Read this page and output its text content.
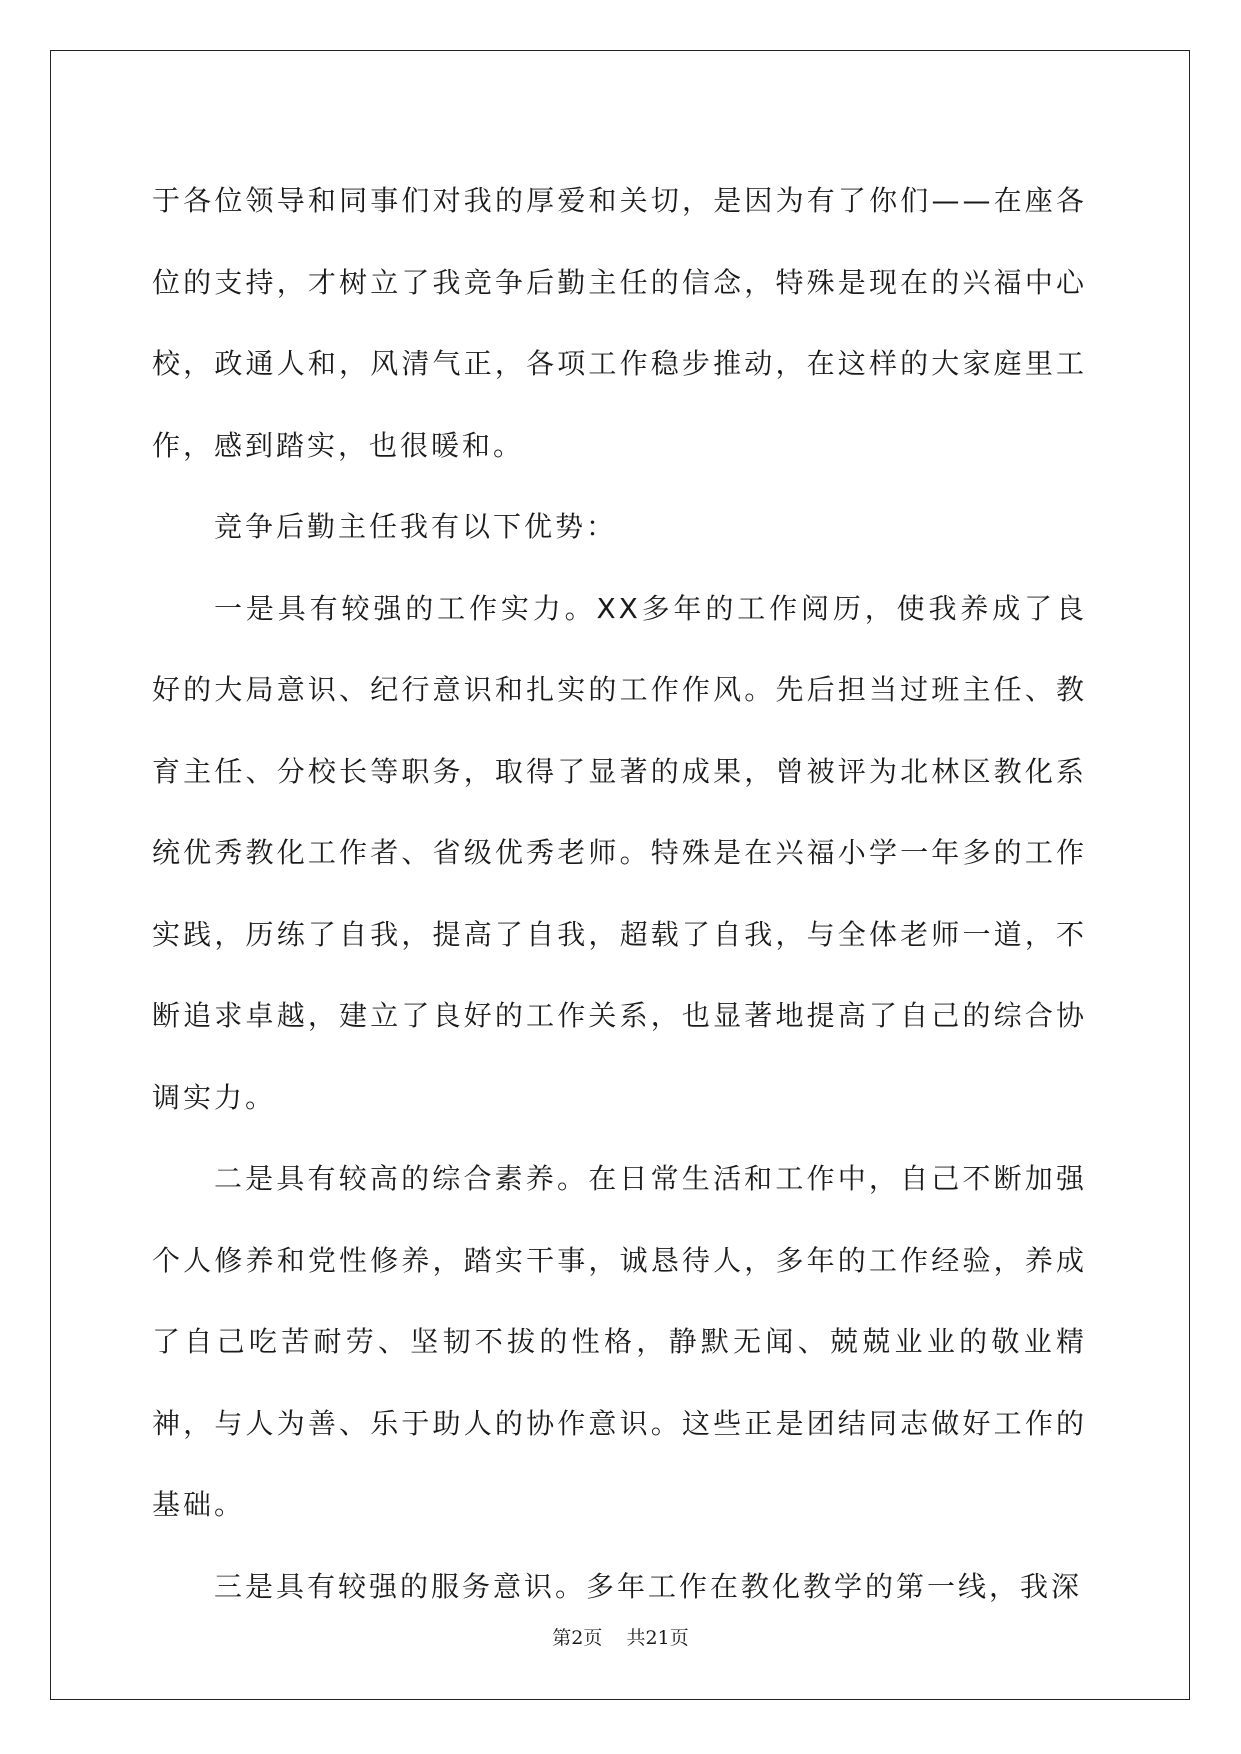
于各位领导和同事们对我的厚爱和关切，是因为有了你们——在座各位的支持，才树立了我竞争后勤主任的信念，特殊是现在的兴福中心校，政通人和，风清气正，各项工作稳步推动，在这样的大家庭里工作，感到踏实，也很暖和。

竞争后勤主任我有以下优势：

一是具有较强的工作实力。XX多年的工作阅历，使我养成了良好的大局意识、纪行意识和扎实的工作作风。先后担当过班主任、教育主任、分校长等职务，取得了显著的成果，曾被评为北林区教化系统优秀教化工作者、省级优秀老师。特殊是在兴福小学一年多的工作实践，历练了自我，提高了自我，超载了自我，与全体老师一道，不断追求卓越，建立了良好的工作关系，也显著地提高了自己的综合协调实力。

二是具有较高的综合素养。在日常生活和工作中，自己不断加强个人修养和党性修养，踏实干事，诚恳待人，多年的工作经验，养成了自己吃苦耐劳、坚韧不拔的性格，静默无闻、兢兢业业的敬业精神，与人为善、乐于助人的协作意识。这些正是团结同志做好工作的基础。

三是具有较强的服务意识。多年工作在教化教学的第一线，我深

第2页 共21页
